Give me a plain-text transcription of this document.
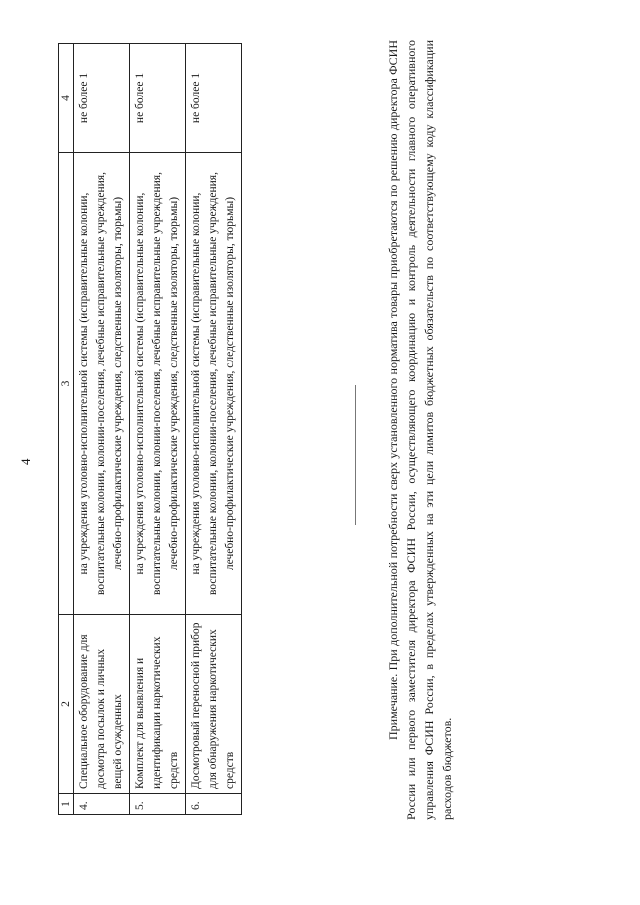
4
1	2	3	4
4.	Специальное оборудование для досмотра посылок и личных вещей осужденных	на учреждения уголовно-исполнительной системы (исправительные колонии, воспитательные колонии, колонии-поселения, лечебные исправительные учреждения, лечебно-профилактические учреждения, следственные изоляторы, тюрьмы)	не более 1
5.	Комплект для выявления и идентификации наркотических средств	на учреждения уголовно-исполнительной системы (исправительные колонии, воспитательные колонии, колонии-поселения, лечебные исправительные учреждения, лечебно-профилактические учреждения, следственные изоляторы, тюрьмы)	не более 1
6.	Досмотровый переносной прибор для обнаружения наркотических средств	на учреждения уголовно-исполнительной системы (исправительные колонии, воспитательные колонии, колонии-поселения, лечебные исправительные учреждения, лечебно-профилактические учреждения, следственные изоляторы, тюрьмы)	не более 1

Примечание. При дополнительной потребности сверх установленного норматива товары приобретаются по решению директора ФСИН России или первого заместителя директора ФСИН России, осуществляющего координацию и контроль деятельности главного оперативного управления ФСИН России, в пределах утвержденных на эти цели лимитов бюджетных обязательств по соответствующему коду классификации расходов бюджетов.
